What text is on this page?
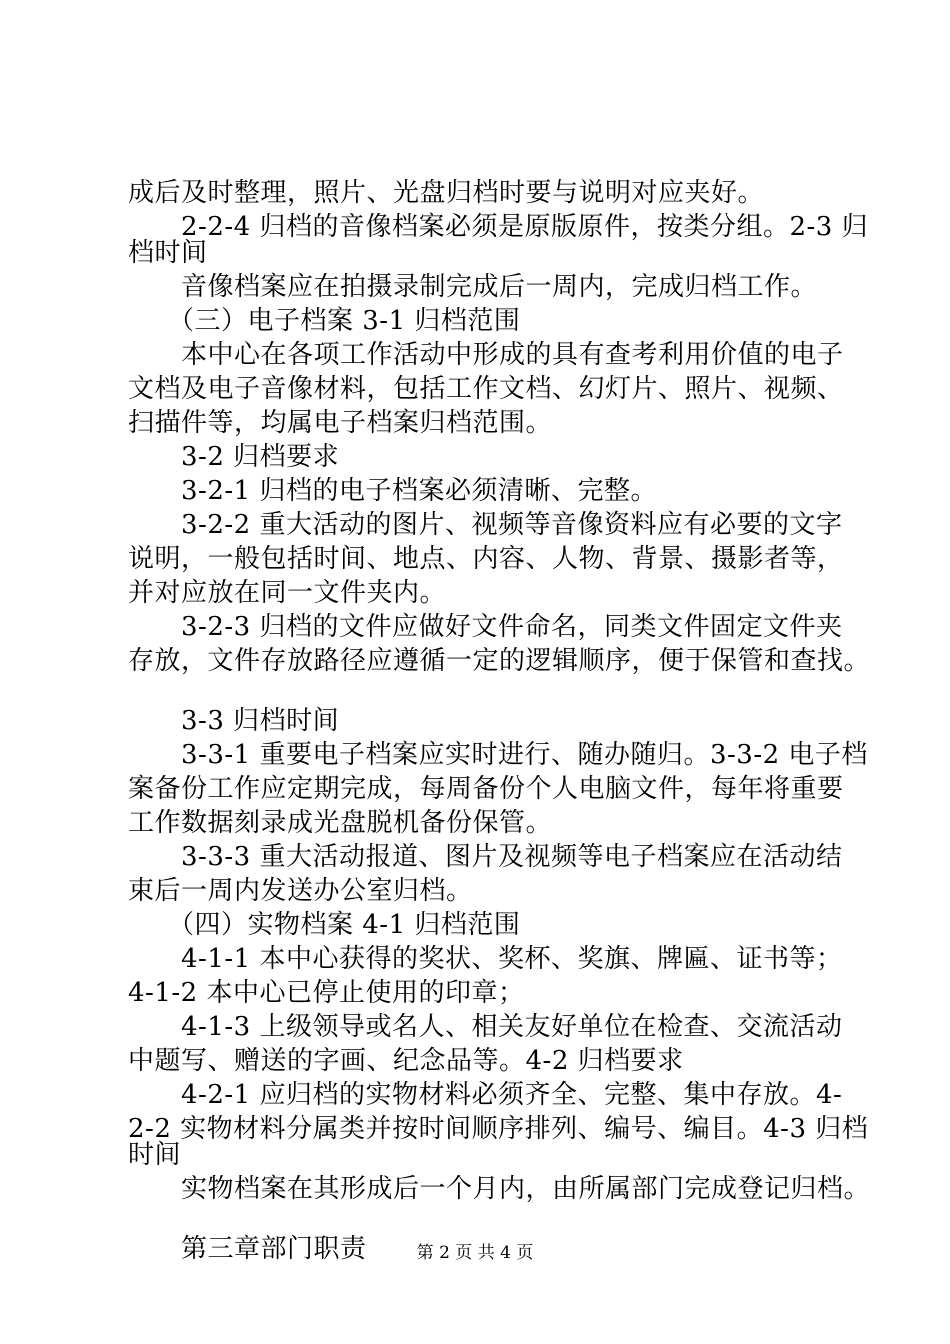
成后及时整理，照片、光盘归档时要与说明对应夹好。
　　2-2-4 归档的音像档案必须是原版原件，按类分组。2-3 归
档时间
　　音像档案应在拍摄录制完成后一周内，完成归档工作。
　　（三）电子档案 3-1 归档范围
　　本中心在各项工作活动中形成的具有查考利用价值的电子
文档及电子音像材料，包括工作文档、幻灯片、照片、视频、
扫描件等，均属电子档案归档范围。
　　3-2 归档要求
　　3-2-1 归档的电子档案必须清晰、完整。
　　3-2-2 重大活动的图片、视频等音像资料应有必要的文字
说明，一般包括时间、地点、内容、人物、背景、摄影者等，
并对应放在同一文件夹内。
　　3-2-3 归档的文件应做好文件命名，同类文件固定文件夹
存放，文件存放路径应遵循一定的逻辑顺序，便于保管和查找。
　　3-3 归档时间
　　3-3-1 重要电子档案应实时进行、随办随归。3-3-2 电子档
案备份工作应定期完成，每周备份个人电脑文件，每年将重要
工作数据刻录成光盘脱机备份保管。
　　3-3-3 重大活动报道、图片及视频等电子档案应在活动结
束后一周内发送办公室归档。
　　（四）实物档案 4-1 归档范围
　　4-1-1 本中心获得的奖状、奖杯、奖旗、牌匾、证书等；
4-1-2 本中心已停止使用的印章；
　　4-1-3 上级领导或名人、相关友好单位在检查、交流活动
中题写、赠送的字画、纪念品等。4-2 归档要求
　　4-2-1 应归档的实物材料必须齐全、完整、集中存放。4-
2-2 实物材料分属类并按时间顺序排列、编号、编目。4-3 归档
时间
　　实物档案在其形成后一个月内，由所属部门完成登记归档。
　　第三章部门职责	第 2 页 共 4 页
